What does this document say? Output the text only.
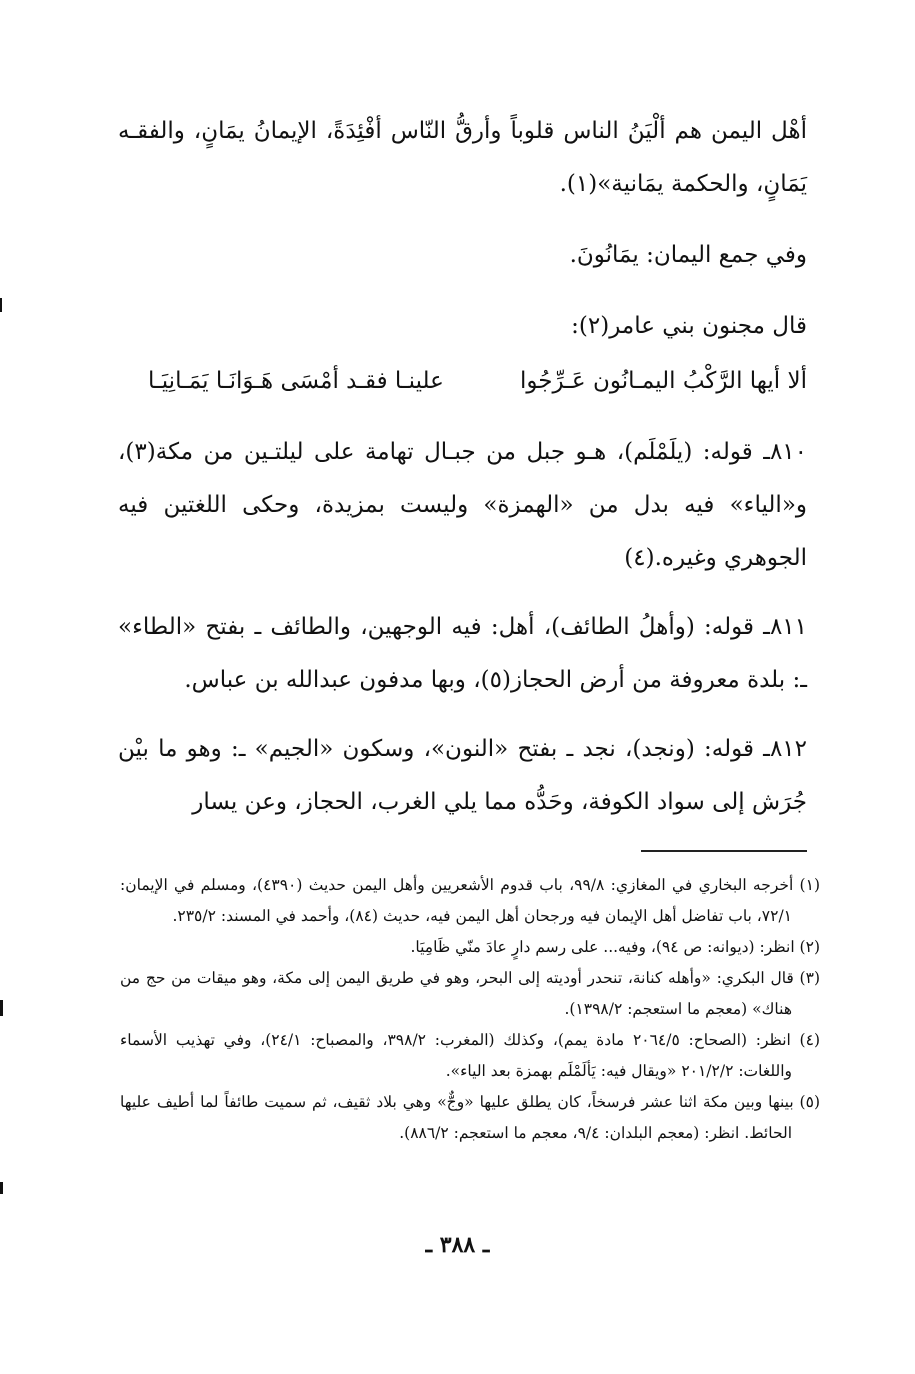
أهْل اليمن هم ألْيَنُ الناس قلوباً وأرقُّ النّاس أفْئِدَةً، الإيمانُ يمَانٍ، والفقـه يَمَانٍ، والحكمة يمَانية»(١).

وفي جمع اليمان: يمَانُونَ.

قال مجنون بني عامر(٢):

ألا أيها الرَّكْبُ اليمـانُون عَـرِّجُوا
علينـا فقـد أمْسَى هَـوَانَـا يَمَـانِيَـا

٨١٠ـ قوله: (يلَمْلَم)، هـو جبل من جبـال تهامة على ليلتـين من مكة(٣)، و«الياء» فيه بدل من «الهمزة» وليست بمزيدة، وحكى اللغتين فيه الجوهري وغيره.(٤)

٨١١ـ قوله: (وأهلُ الطائف)، أهل: فيه الوجهين، والطائف ـ بفتح «الطاء» ـ: بلدة معروفة من أرض الحجاز(٥)، وبها مدفون عبدالله بن عباس.

٨١٢ـ قوله: (ونجد)، نجد ـ بفتح «النون»، وسكون «الجيم» ـ: وهو ما بيْن جُرَش إلى سواد الكوفة، وحَدُّه مما يلي الغرب، الحجاز، وعن يسار

(١) أخرجه البخاري في المغازي: ٩٩/٨، باب قدوم الأشعريين وأهل اليمن حديث (٤٣٩٠)، ومسلم في الإيمان: ٧٢/١، باب تفاضل أهل الإيمان فيه ورجحان أهل اليمن فيه، حديث (٨٤)، وأحمد في المسند: ٢٣٥/٢.

(٢) انظر: (ديوانه: ص ٩٤)، وفيه... على رسم دارٍ عادَ منّي ظَامِيَا.

(٣) قال البكري: «وأهله كنانة، تنحدر أوديته إلى البحر، وهو في طريق اليمن إلى مكة، وهو ميقات من حج من هناك» (معجم ما استعجم: ١٣٩٨/٢).

(٤) انظر: (الصحاح: ٢٠٦٤/٥ مادة يمم)، وكذلك (المغرب: ٣٩٨/٢، والمصباح: ٢٤/١)، وفي تهذيب الأسماء واللغات: ٢٠١/٢/٢ «ويقال فيه: يَألَمْلَم بهمزة بعد الياء».

(٥) بينها وبين مكة اثنا عشر فرسخاً، كان يطلق عليها «وجٌّ» وهي بلاد ثقيف، ثم سميت طائفاً لما أطيف عليها الحائط. انظر: (معجم البلدان: ٩/٤، معجم ما استعجم: ٨٨٦/٢).

ـ ٣٨٨ ـ
